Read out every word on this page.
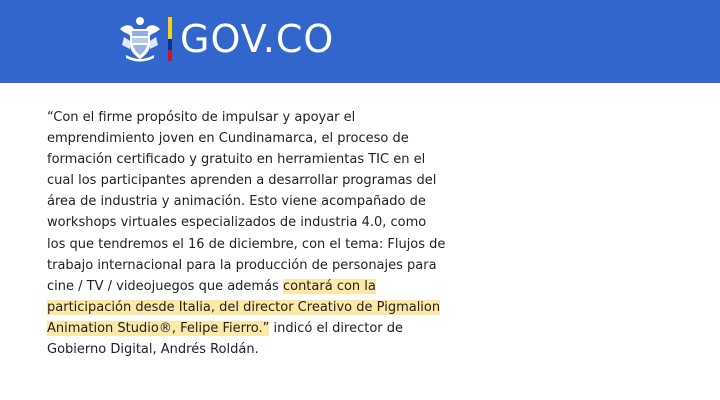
GOV.CO

“Con el firme propósito de impulsar y apoyar el emprendimiento joven en Cundinamarca, el proceso de formación certificado y gratuito en herramientas TIC en el cual los participantes aprenden a desarrollar programas del área de industria y animación. Esto viene acompañado de workshops virtuales especializados de industria 4.0, como los que tendremos el 16 de diciembre, con el tema: Flujos de trabajo internacional para la producción de personajes para cine / TV / videojuegos que además contará con la participación desde Italia, del director Creativo de Pigmalion Animation Studio®, Felipe Fierro.” indicó el director de Gobierno Digital, Andrés Roldán.
